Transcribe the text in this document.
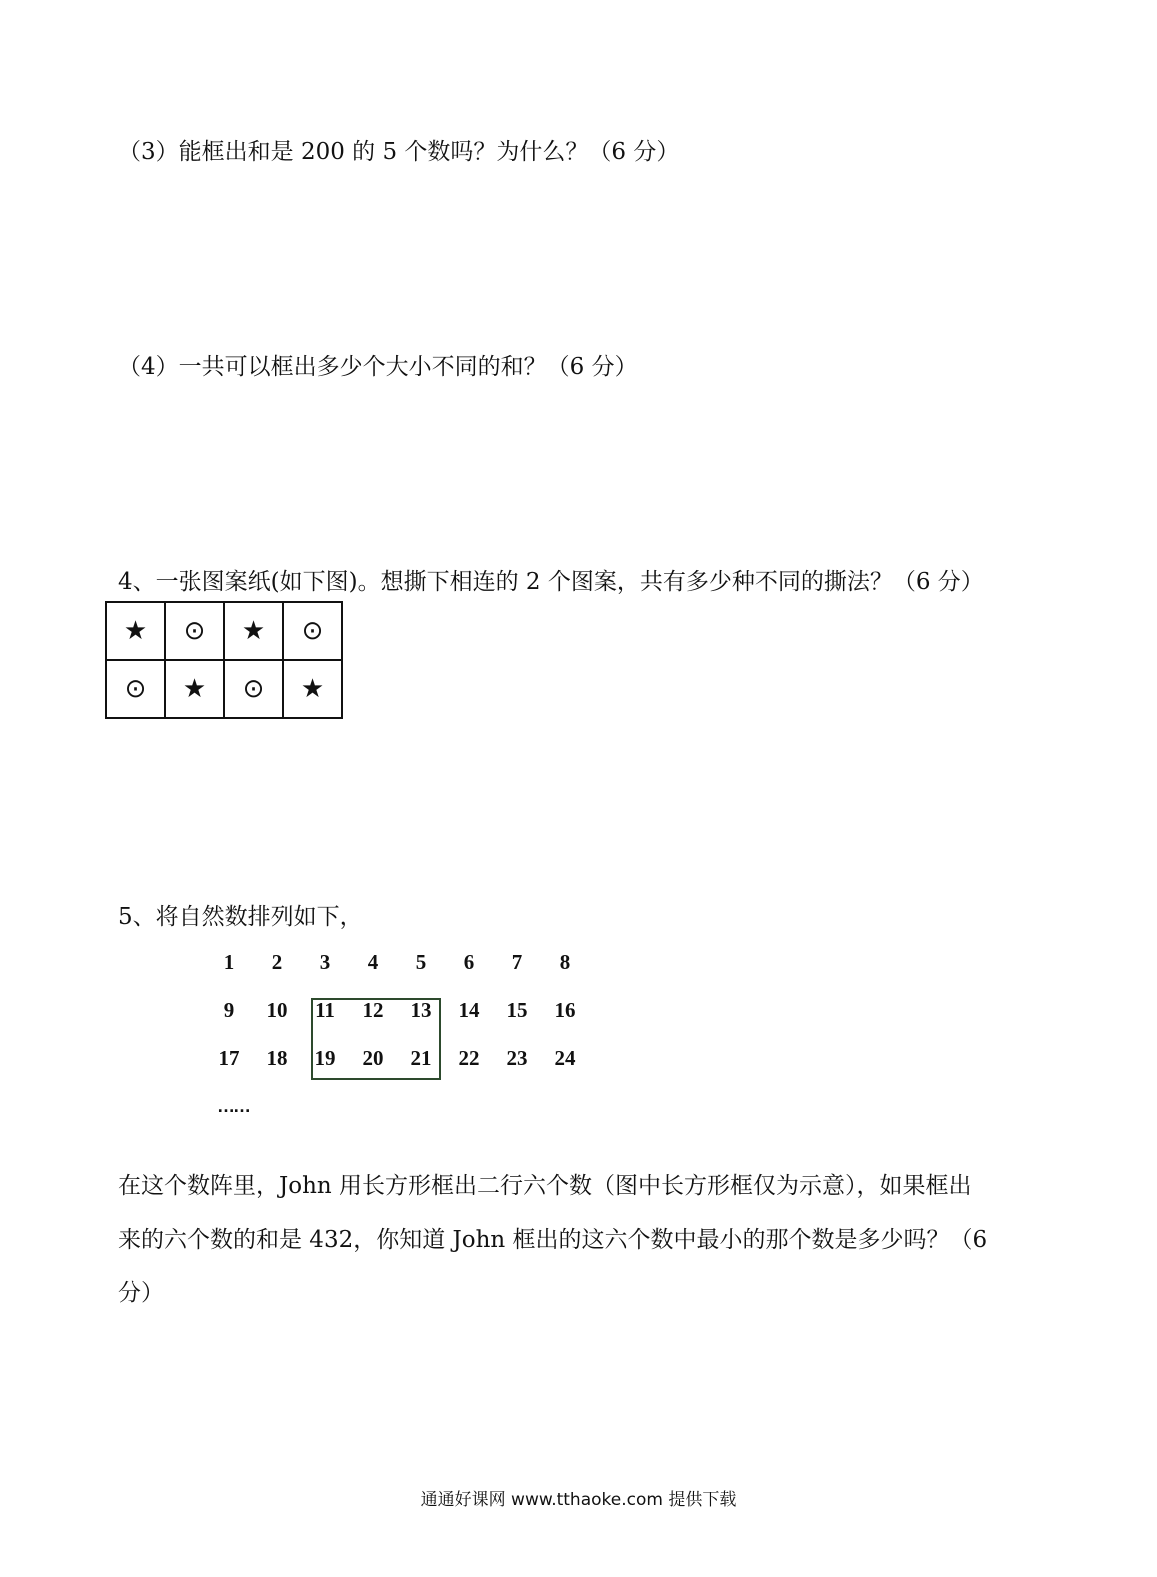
（3）能框出和是 200 的 5 个数吗？为什么？（6 分）
（4）一共可以框出多少个大小不同的和？（6 分）
4、一张图案纸(如下图)。想撕下相连的 2 个图案，共有多少种不同的撕法？（6 分）
★	⊙	★	⊙
⊙	★	⊙	★
5、将自然数排列如下，
……
1	2	3	4	5	6	7	8
9	10	11	12	13	14	15	16
17	18	19	20	21	22	23	24
在这个数阵里，John 用长方形框出二行六个数（图中长方形框仅为示意），如果框出
来的六个数的和是 432，你知道 John 框出的这六个数中最小的那个数是多少吗？（6
分）
通通好课网 www.tthaoke.com 提供下载
